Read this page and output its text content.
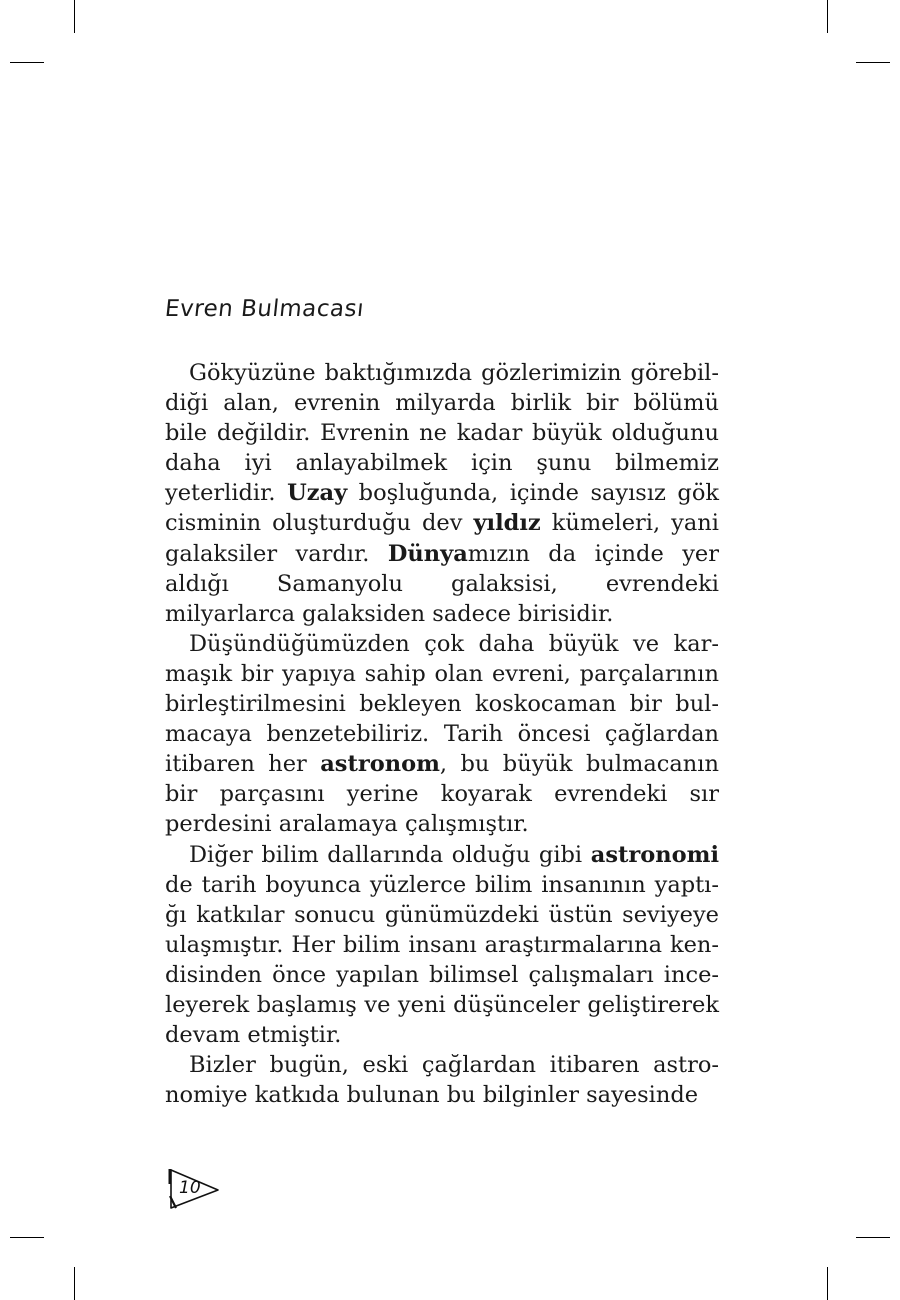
Evren Bulmacası

Gökyüzüne baktığımızda gözlerimizin görebildiği alan, evrenin milyarda birlik bir bölümü bile değildir. Evrenin ne kadar büyük olduğunu daha iyi anlayabilmek için şunu bilmemiz yeterlidir. Uzay boşluğunda, içinde sayısız gök cisminin oluşturduğu dev yıldız kümeleri, yani galaksiler vardır. Dünyamızın da içinde yer aldığı Samanyolu galaksisi, evrendeki milyarlarca galaksiden sadece birisidir.

Düşündüğümüzden çok daha büyük ve karmaşık bir yapıya sahip olan evreni, parçalarının birleştirilmesini bekleyen koskocaman bir bulmacaya benzetebiliriz. Tarih öncesi çağlardan itibaren her astronom, bu büyük bulmacanın bir parçasını yerine koyarak evrendeki sır perdesini aralamaya çalışmıştır.

Diğer bilim dallarında olduğu gibi astronomi de tarih boyunca yüzlerce bilim insanının yaptığı katkılar sonucu günümüzdeki üstün seviyeye ulaşmıştır. Her bilim insanı araştırmalarına kendisinden önce yapılan bilimsel çalışmaları inceleyerek başlamış ve yeni düşünceler geliştirerek devam etmiştir.

Bizler bugün, eski çağlardan itibaren astronomiye katkıda bulunan bu bilginler sayesinde

10
